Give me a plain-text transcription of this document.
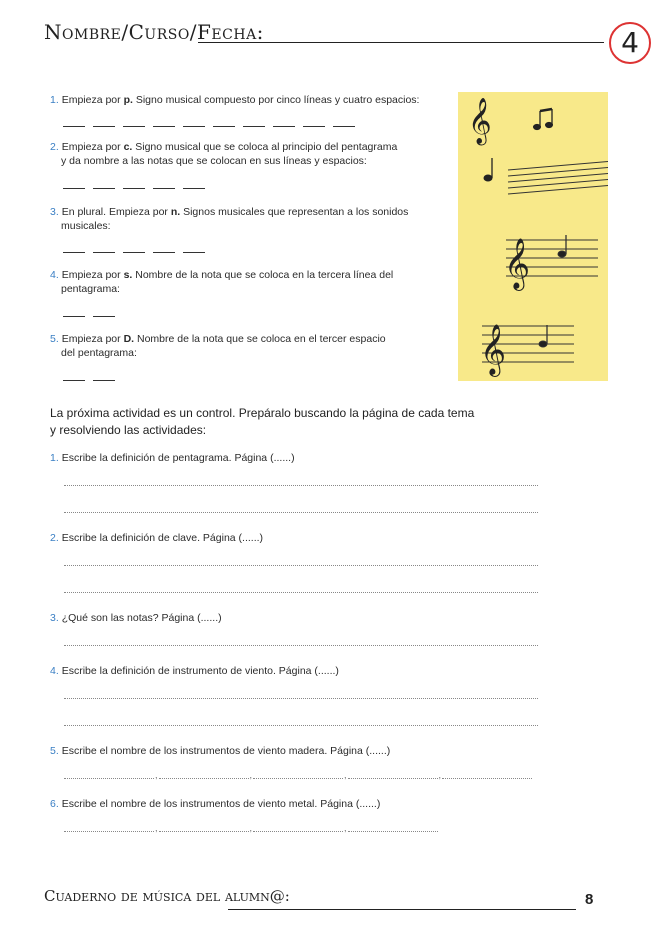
Nombre/Curso/Fecha:	4
1. Empieza por p. Signo musical compuesto por cinco líneas y cuatro espacios:
2. Empieza por c. Signo musical que se coloca al principio del pentagrama
y da nombre a las notas que se colocan en sus líneas y espacios:
3. En plural. Empieza por n. Signos musicales que representan a los sonidos
musicales:
4. Empieza por s. Nombre de la nota que se coloca en la tercera línea del
pentagrama:
5. Empieza por D. Nombre de la nota que se coloca en el tercer espacio
del pentagrama:
𝄞
𝄞
𝄞
La próxima actividad es un control. Prepáralo buscando la página de cada tema
y resolviendo las actividades:
1. Escribe la definición de pentagrama. Página (......)
2. Escribe la definición de clave. Página (......)
3. ¿Qué son las notas? Página (......)
4. Escribe la definición de instrumento de viento. Página (......)
5. Escribe el nombre de los instrumentos de viento madera. Página (......)
,	,	,	,
6. Escribe el nombre de los instrumentos de viento metal. Página (......)
,	,	,
Cuaderno de música del alumn@:	8
